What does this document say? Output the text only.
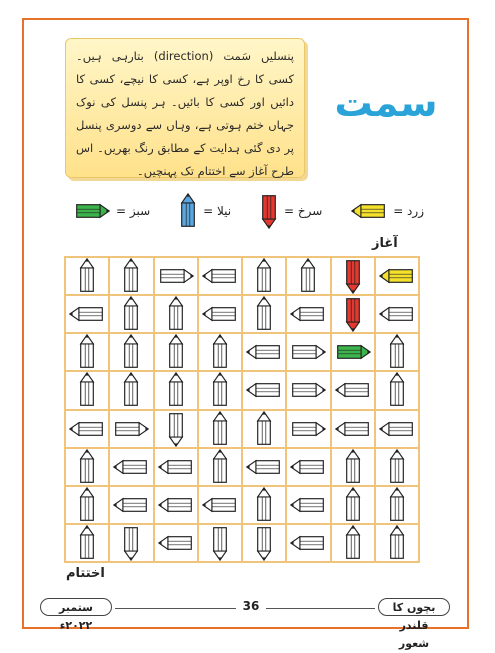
پنسلیں سَمت (direction) بتارہی ہیں۔ کسی کا رخ اوپر ہے، کسی کا نیچے، کسی کا دائیں اور کسی کا بائیں۔ ہر پنسل کی نوک جہاں ختم ہوتی ہے، وہاں سے دوسری پنسل پر دی گئی ہدایت کے مطابق رنگ بھریں۔ اس طرح آغاز سے اختتام تک پہنچیں۔
سمت
زرد =
سرخ =
نیلا =
سبز =
آغاز
اختتام
ستمبر ۲۰۲۲ء
36	بچوں کا قلندر شعور
